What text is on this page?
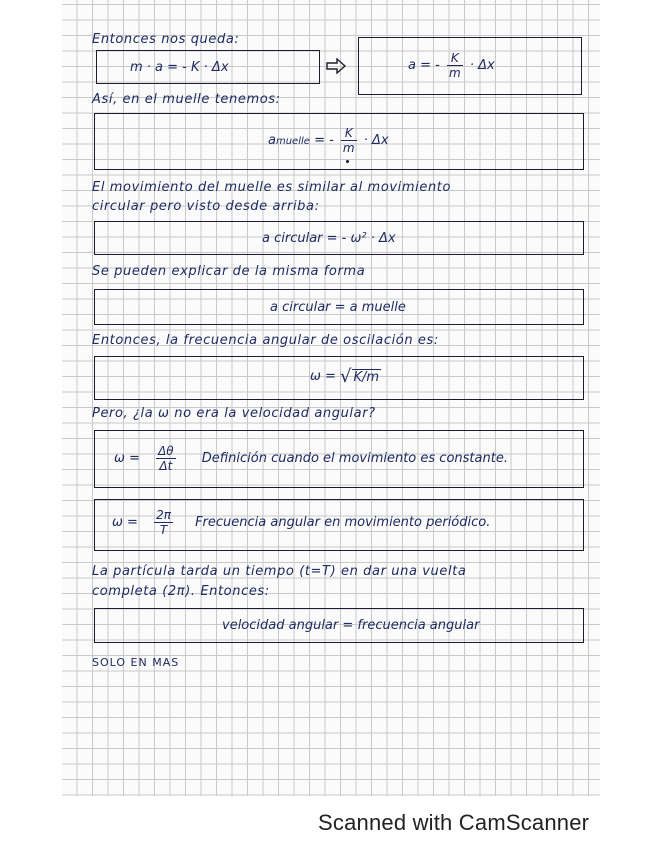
Entonces nos queda:
m · a = - K · Δx	a = - $\frac{K}{m} \cdot \Delta x$
Así, en el muelle tenemos:
amuelle = - $\frac{K}{m} \cdot \Delta x$
El movimiento del muelle es similar al movimiento
circular pero visto desde arriba:
a circular = - ω² · Δx
Se pueden explicar de la misma forma
a circular = a muelle
Entonces, la frecuencia angular de oscilación es:
ω = √ K/m
Pero, ¿la ω no era la velocidad angular?
$\omega = \frac{\Delta\theta}{\Delta t}$ Definición cuando el movimiento es constante.
$\omega = \frac{2\pi}{T}$ Frecuencia angular en movimiento periódico.
La partícula tarda un tiempo (t=T) en dar una vuelta
completa (2π). Entonces:
velocidad angular = frecuencia angular
SOLO EN MAS
Scanned with CamScanner
